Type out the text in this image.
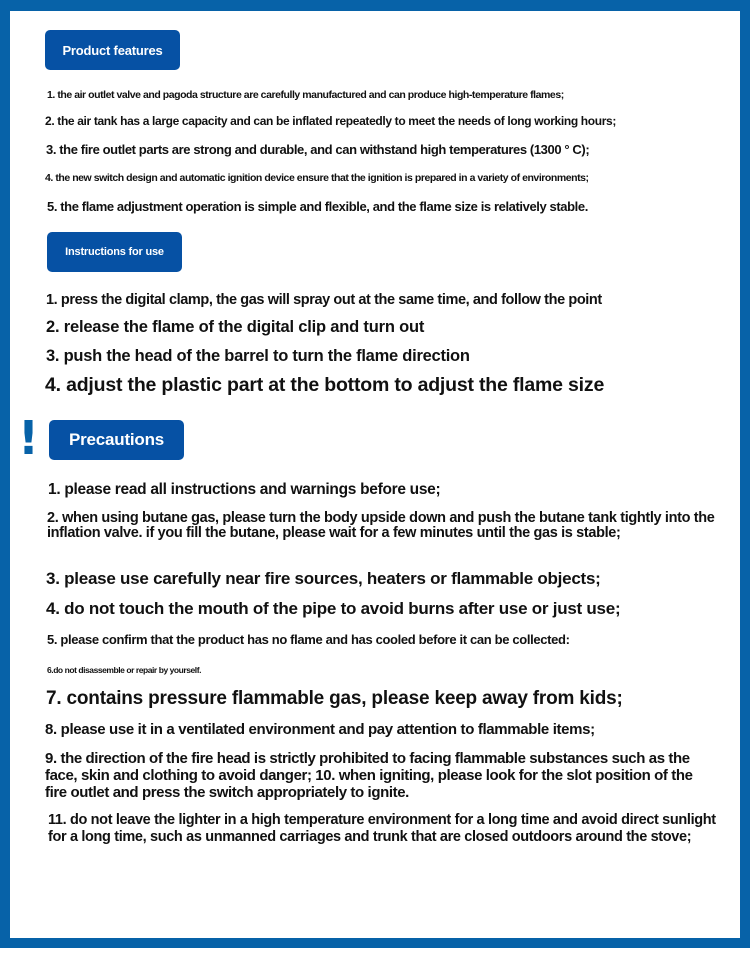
Product features
1. the air outlet valve and pagoda structure are carefully manufactured and can produce high-temperature flames;
2. the air tank has a large capacity and can be inflated repeatedly to meet the needs of long working hours;
3. the fire outlet parts are strong and durable, and can withstand high temperatures (1300 ° C);
4. the new switch design and automatic ignition device ensure that the ignition is prepared in a variety of environments;
5. the flame adjustment operation is simple and flexible, and the flame size is relatively stable.
Instructions for use
1. press the digital clamp, the gas will spray out at the same time, and follow the point
2. release the flame of the digital clip and turn out
3. push the head of the barrel to turn the flame direction
4. adjust the plastic part at the bottom to adjust the flame size
! Precautions
1. please read all instructions and warnings before use;
2. when using butane gas, please turn the body upside down and push the butane tank tightly into the inflation valve. if you fill the butane, please wait for a few minutes until the gas is stable;
3. please use carefully near fire sources, heaters or flammable objects;
4. do not touch the mouth of the pipe to avoid burns after use or just use;
5. please confirm that the product has no flame and has cooled before it can be collected:
6.do not disassemble or repair by yourself.
7. contains pressure flammable gas, please keep away from kids;
8. please use it in a ventilated environment and pay attention to flammable items;
9. the direction of the fire head is strictly prohibited to facing flammable substances such as the face, skin and clothing to avoid danger; 10. when igniting, please look for the slot position of the fire outlet and press the switch appropriately to ignite.
11. do not leave the lighter in a high temperature environment for a long time and avoid direct sunlight for a long time, such as unmanned carriages and trunk that are closed outdoors around the stove;
